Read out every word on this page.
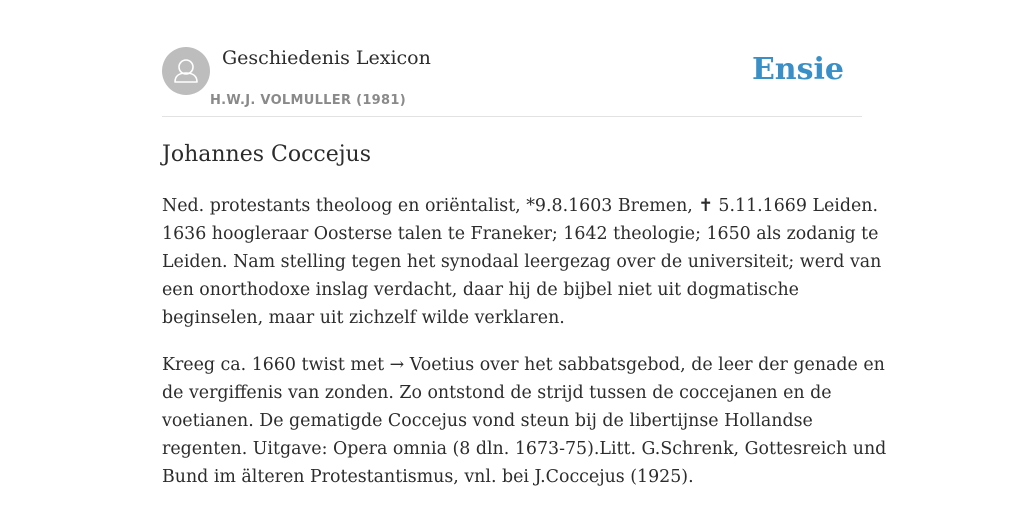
Geschiedenis Lexicon
H.W.J. VOLMULLER (1981)
Ensie
Johannes Coccejus

Ned. protestants theoloog en oriëntalist, *9.8.1603 Bremen, ✝ 5.11.1669 Leiden.
1636 hoogleraar Oosterse talen te Franeker; 1642 theologie; 1650 als zodanig te
Leiden. Nam stelling tegen het synodaal leergezag over de universiteit; werd van
een onorthodoxe inslag verdacht, daar hij de bijbel niet uit dogmatische
beginselen, maar uit zichzelf wilde verklaren.

Kreeg ca. 1660 twist met → Voetius over het sabbatsgebod, de leer der genade en
de vergiffenis van zonden. Zo ontstond de strijd tussen de coccejanen en de
voetianen. De gematigde Coccejus vond steun bij de libertijnse Hollandse
regenten. Uitgave: Opera omnia (8 dln. 1673-75).Litt. G.Schrenk, Gottesreich und
Bund im älteren Protestantismus, vnl. bei J.Coccejus (1925).
